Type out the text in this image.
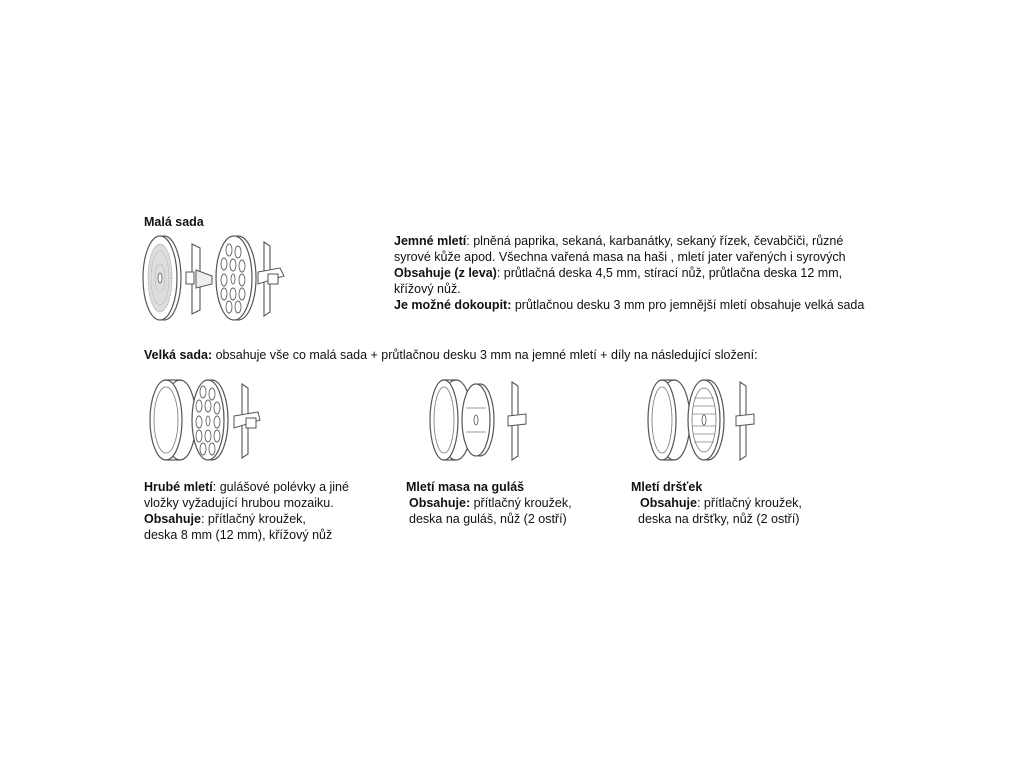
Malá sada
Jemné mletí: plněná paprika, sekaná, karbanátky, sekaný řízek, čevabčiči, různé
syrové kůže apod. Všechna vařená masa na haši , mletí jater vařených i syrových
Obsahuje (z leva): průtlačná deska 4,5 mm, stírací nůž, průtlačna deska 12 mm,
křížový nůž.
Je možné dokoupit: průtlačnou desku 3 mm pro jemnější mletí obsahuje velká sada
Velká sada: obsahuje vše co malá sada + průtlačnou desku 3 mm na jemné mletí + díly na následující složení:
Hrubé mletí: gulášové polévky a jiné
vložky vyžadující hrubou mozaiku.
Obsahuje: přítlačný kroužek,
deska 8 mm (12 mm), křížový nůž
Mletí masa na guláš
Obsahuje: přítlačný kroužek,
deska na guláš, nůž (2 ostří)
Mletí dršťek
Obsahuje: přítlačný kroužek,
deska na dršťky, nůž (2 ostří)
